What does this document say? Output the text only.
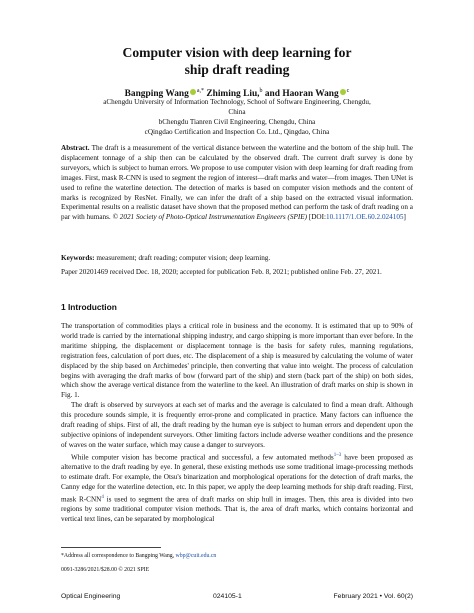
Computer vision with deep learning for
ship draft reading
Bangping Wang $^{a,*}$ Zhiming Liu,$^b$ and Haoran Wang $^c$
aChengdu University of Information Technology, School of Software Engineering, Chengdu,
China
bChengdu Tianren Civil Engineering, Chengdu, China
cQingdao Certification and Inspection Co. Ltd., Qingdao, China
Abstract. The draft is a measurement of the vertical distance between the waterline and the bottom of the ship hull. The displacement tonnage of a ship then can be calculated by the observed draft. The current draft survey is done by surveyors, which is subject to human errors. We propose to use computer vision with deep learning for draft reading from images. First, mask R-CNN is used to segment the region of interest—draft marks and water—from images. Then UNet is used to refine the waterline detection. The detection of marks is based on computer vision methods and the content of marks is recognized by ResNet. Finally, we can infer the draft of a ship based on the extracted visual information. Experimental results on a realistic dataset have shown that the proposed method can perform the task of draft reading on a par with humans. © 2021 Society of Photo-Optical Instrumentation Engineers (SPIE) [DOI:10.1117/1.OE.60.2.024105]
Keywords: measurement; draft reading; computer vision; deep learning.
Paper 20201469 received Dec. 18, 2020; accepted for publication Feb. 8, 2021; published online Feb. 27, 2021.
1 Introduction

The transportation of commodities plays a critical role in business and the economy. It is estimated that up to 90% of world trade is carried by the international shipping industry, and cargo shipping is more important than ever before. In the maritime shipping, the displacement or displacement tonnage is the basis for safety rules, manning regulations, registration fees, calculation of port dues, etc. The displacement of a ship is measured by calculating the volume of water displaced by the ship based on Archimedes' principle, then converting that value into weight. The process of calculation begins with averaging the draft marks of bow (forward part of the ship) and stern (back part of the ship) on both sides, which show the average vertical distance from the waterline to the keel. An illustration of draft marks on ship is shown in Fig. 1.

The draft is observed by surveyors at each set of marks and the average is calculated to find a mean draft. Although this procedure sounds simple, it is frequently error-prone and complicated in practice. Many factors can influence the draft reading of ships. First of all, the draft reading by the human eye is subject to human errors and dependent upon the subjective opinions of independent surveyors. Other limiting factors include adverse weather conditions and the presence of waves on the water surface, which may cause a danger to surveyors.

While computer vision has become practical and successful, a few automated methods$^{1-3}$ have been proposed as alternative to the draft reading by eye. In general, these existing methods use some traditional image-processing methods to estimate draft. For example, the Otsu's binarization and morphological operations for the detection of draft marks, the Canny edge for the waterline detection, etc. In this paper, we apply the deep learning methods for ship draft reading. First, mask R-CNN$^4$ is used to segment the area of draft marks on ship hull in images. Then, this area is divided into two regions by some traditional computer vision methods. That is, the area of draft marks, which contains horizontal and vertical text lines, can be separated by morphological

*Address all correspondence to Bangping Wang, wbp@cuit.edu.cn
0091-3286/2021/$28.00 © 2021 SPIE
Optical Engineering	024105-1	February 2021 • Vol. 60(2)
